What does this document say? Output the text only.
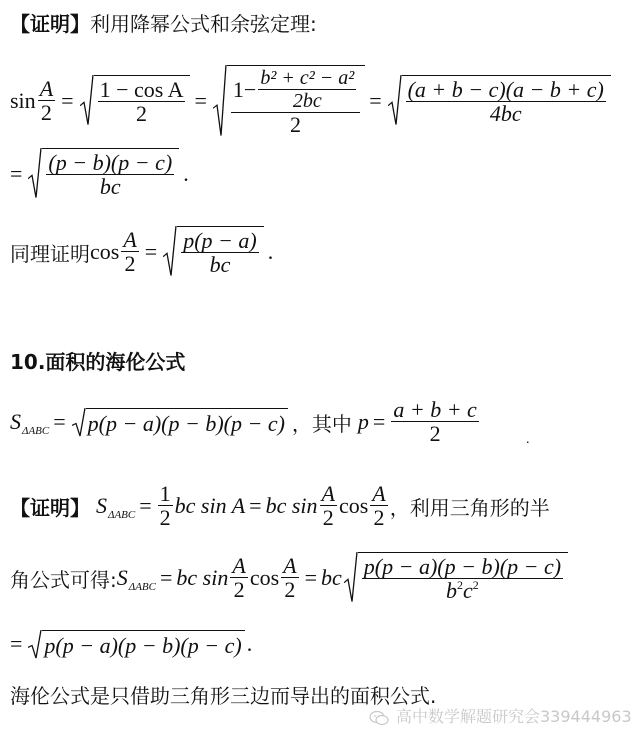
【证明】利用降幂公式和余弦定理:
$\sin \frac{A}{2} = \frac{\text{1 − cos A}}{2} = \frac{1- \frac{\text{b² + c² − a²}}{2bc}}{2} = \frac{(a + b - c)(a - b + c)}{4bc}$
= $\frac{(p - b)(p - c)}{bc}$ .
同理证明 $\cos \frac{A}{2} = \frac{p(p - a)}{bc}$ .
10.面积的海伦公式
S ΔABC = p(p − a)(p − b)(p − c) ， 其中 $p = \frac{a + b + c}{2}$	.
【证明】 S $\Delta ABC = \frac{1}{2}$ bc sin A = bc $\sin \frac{A}{2}$ $\cos \frac{A}{2}$ ，利用三角形的半
角公式可得: S ΔABC = bc $\sin \frac{A}{2}$ $\cos \frac{A}{2}$ = bc $\frac{p(p - a)(p - b)(p - c)}{b^2c^2}$
= p(p − a)(p − b)(p − c) .
海伦公式是只借助三角形三边而导出的面积公式.
高中数学解题研究会339444963
